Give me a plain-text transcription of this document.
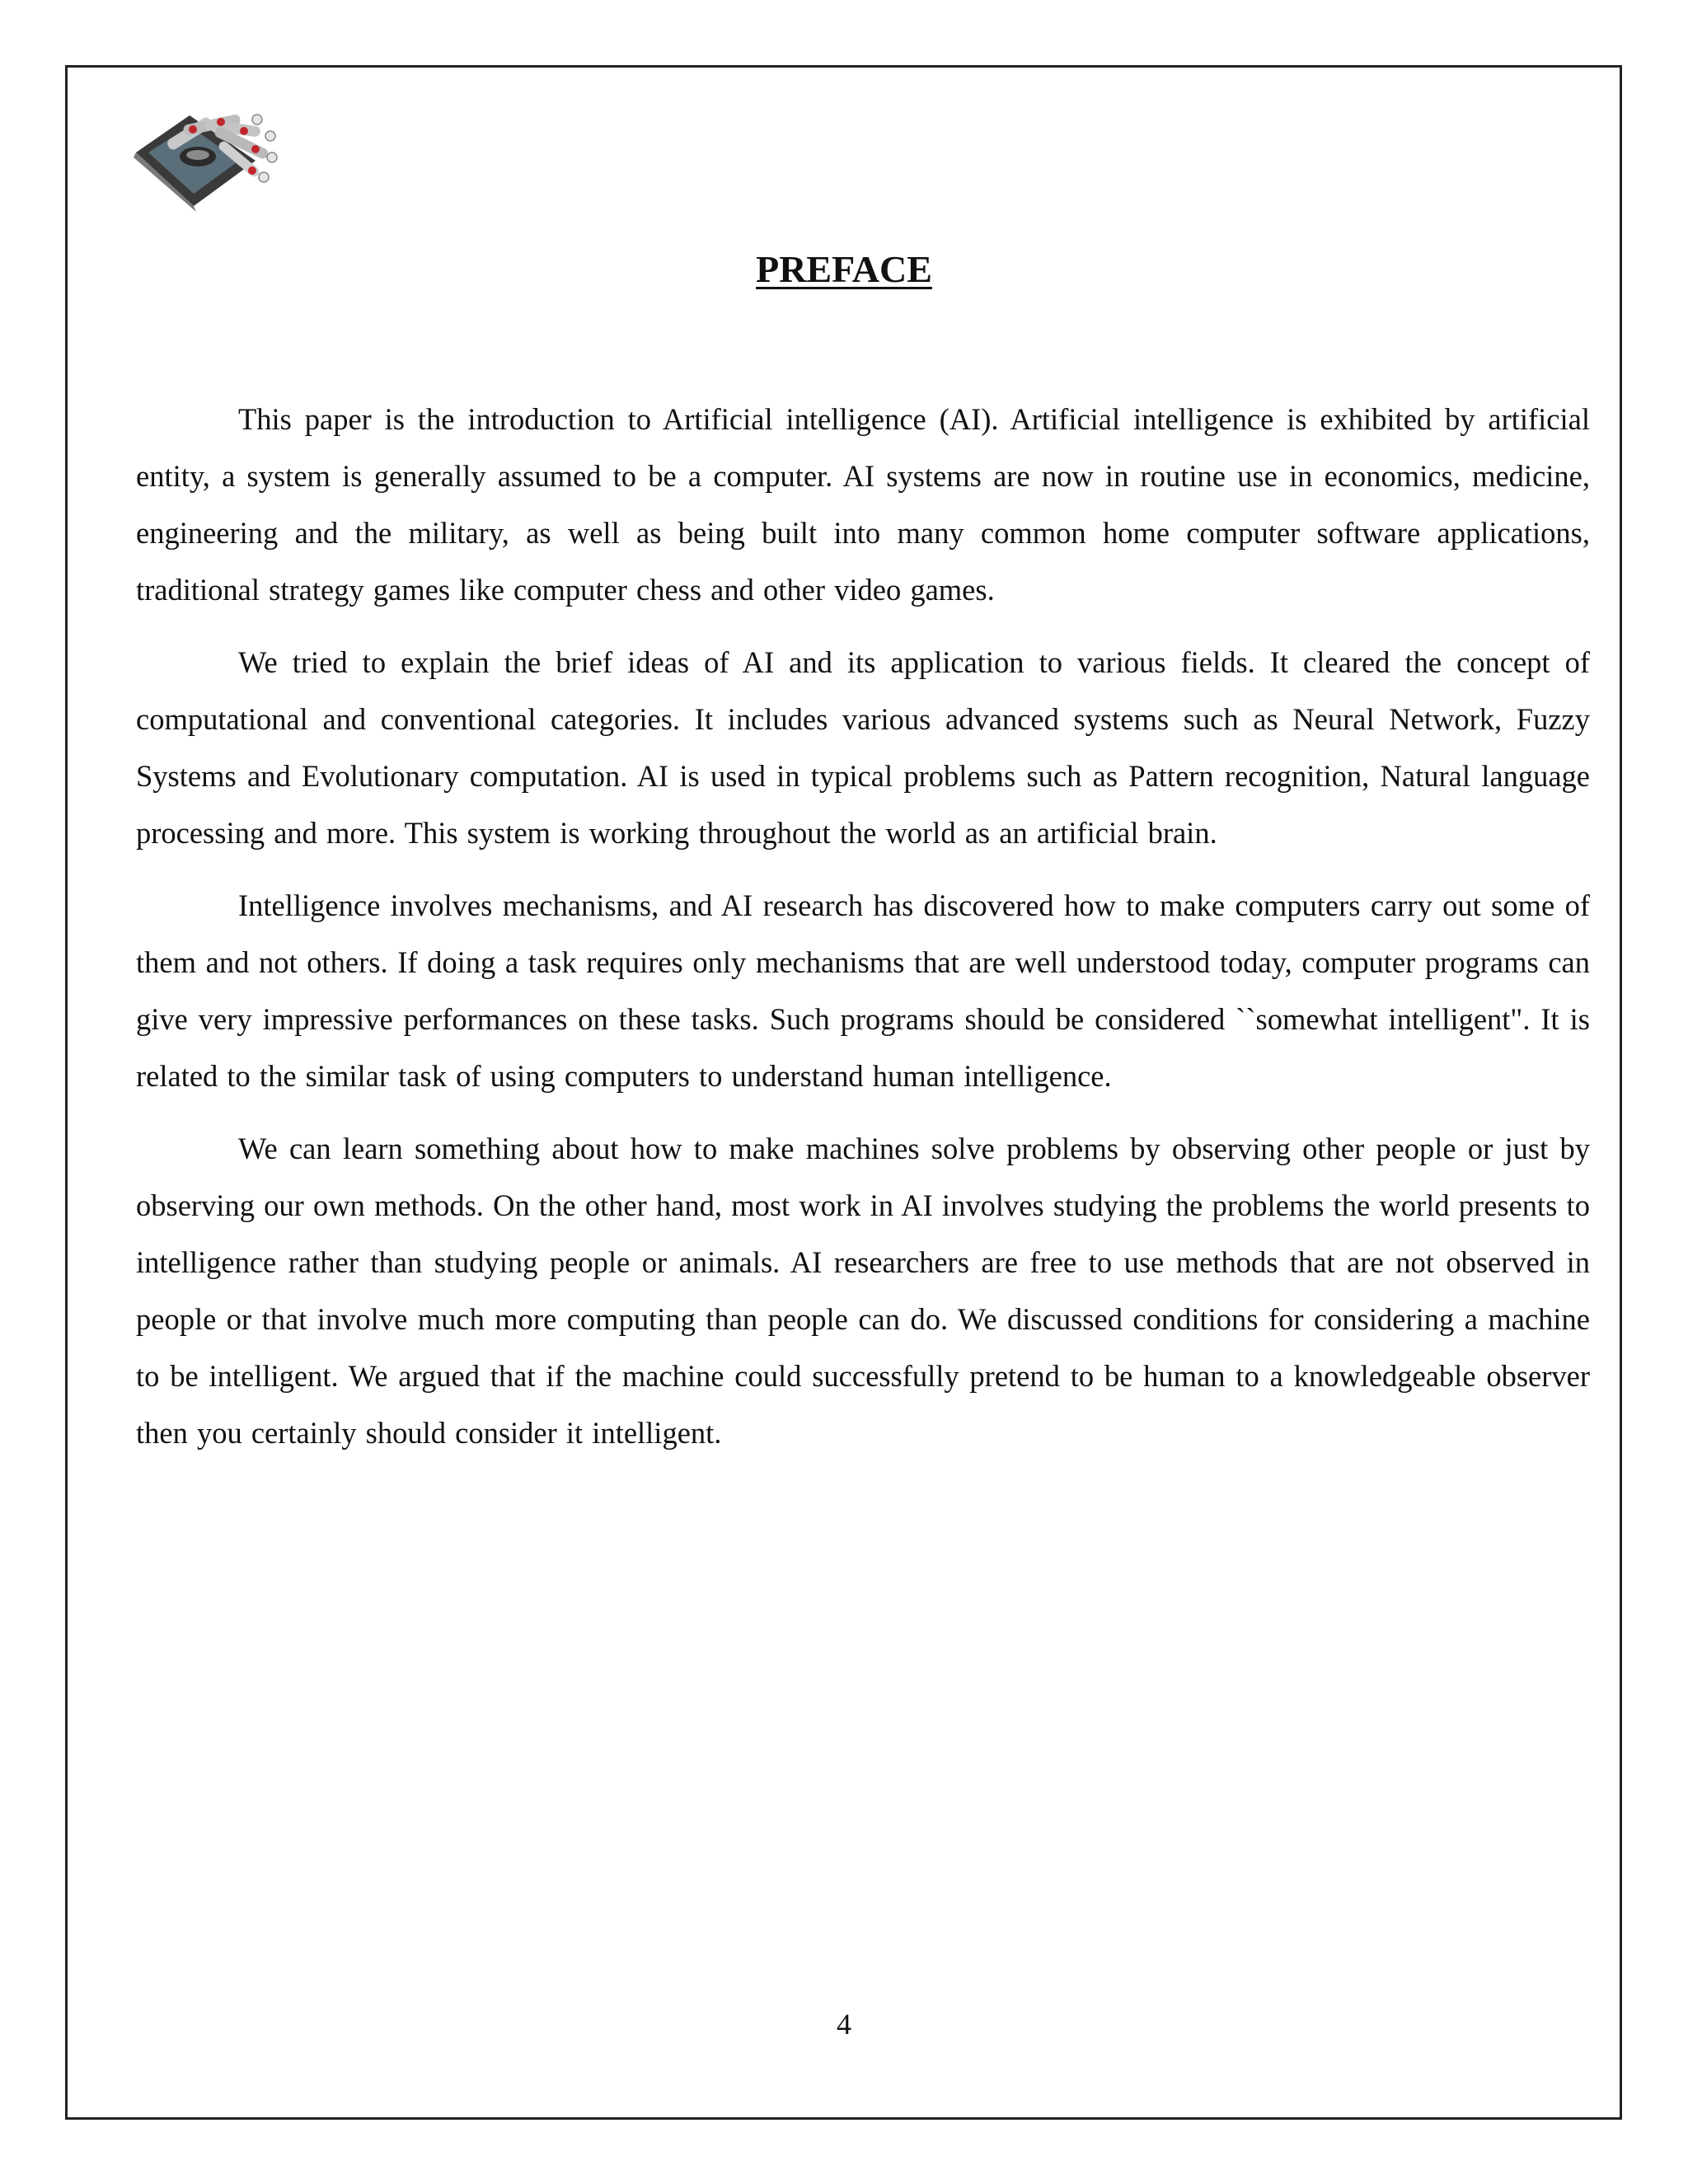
PREFACE

This paper is the introduction to Artificial intelligence (AI). Artificial intelligence is exhibited by artificial entity, a system is generally assumed to be a computer. AI systems are now in routine use in economics, medicine, engineering and the military, as well as being built into many common home computer software applications, traditional strategy games like computer chess and other video games.

We tried to explain the brief ideas of AI and its application to various fields. It cleared the concept of computational and conventional categories. It includes various advanced systems such as Neural Network, Fuzzy Systems and Evolutionary computation. AI is used in typical problems such as Pattern recognition, Natural language processing and more. This system is working throughout the world as an artificial brain.

Intelligence involves mechanisms, and AI research has discovered how to make computers carry out some of them and not others. If doing a task requires only mechanisms that are well understood today, computer programs can give very impressive performances on these tasks. Such programs should be considered ``somewhat intelligent". It is related to the similar task of using computers to understand human intelligence.

We can learn something about how to make machines solve problems by observing other people or just by observing our own methods. On the other hand, most work in AI involves studying the problems the world presents to intelligence rather than studying people or animals. AI researchers are free to use methods that are not observed in people or that involve much more computing than people can do. We discussed conditions for considering a machine to be intelligent. We argued that if the machine could successfully pretend to be human to a knowledgeable observer then you certainly should consider it intelligent.

4
